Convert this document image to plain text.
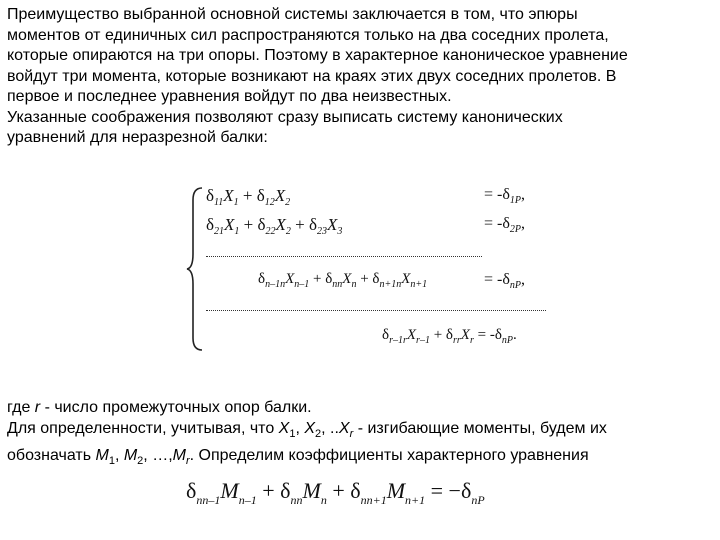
Преимущество выбранной основной системы заключается в том, что эпюры
моментов от единичных сил распространяются только на два соседних пролета,
которые опираются на три опоры. Поэтому в характерное каноническое уравнение
войдут три момента, которые возникают на краях этих двух соседних пролетов. В
первое и последнее уравнения войдут по два неизвестных.
Указанные соображения позволяют сразу выписать систему канонических
уравнений для неразрезной балки:
$\delta_{11}X_1 + \delta_{12}X_2$	= $-\delta_{1P}$,
$\delta_{21}X_1 + \delta_{22}X_2 + \delta_{23}X_3$	= $-\delta_{2P}$,
$\delta_{n-1n}X_{n-1} + \delta_{nn}X_n + \delta_{n+1n}X_{n+1}$	= $-\delta_{nP}$,
$\delta_{r-1r}X_{r-1} + \delta_{rr}X_r = -\delta_{nP}$.
где r - число промежуточных опор балки.
Для определенности, учитывая, что $X_1$, $X_2$, $..X_r$ - изгибающие моменты, будем их
обозначать $M_1$, $M_2$, $\dots,M_r$. Определим коэффициенты характерного уравнения
$\delta_{nn-1}M_{n-1} + \delta_{nn}M_n + \delta_{nn+1}M_{n+1} = -\delta_{nP}$
